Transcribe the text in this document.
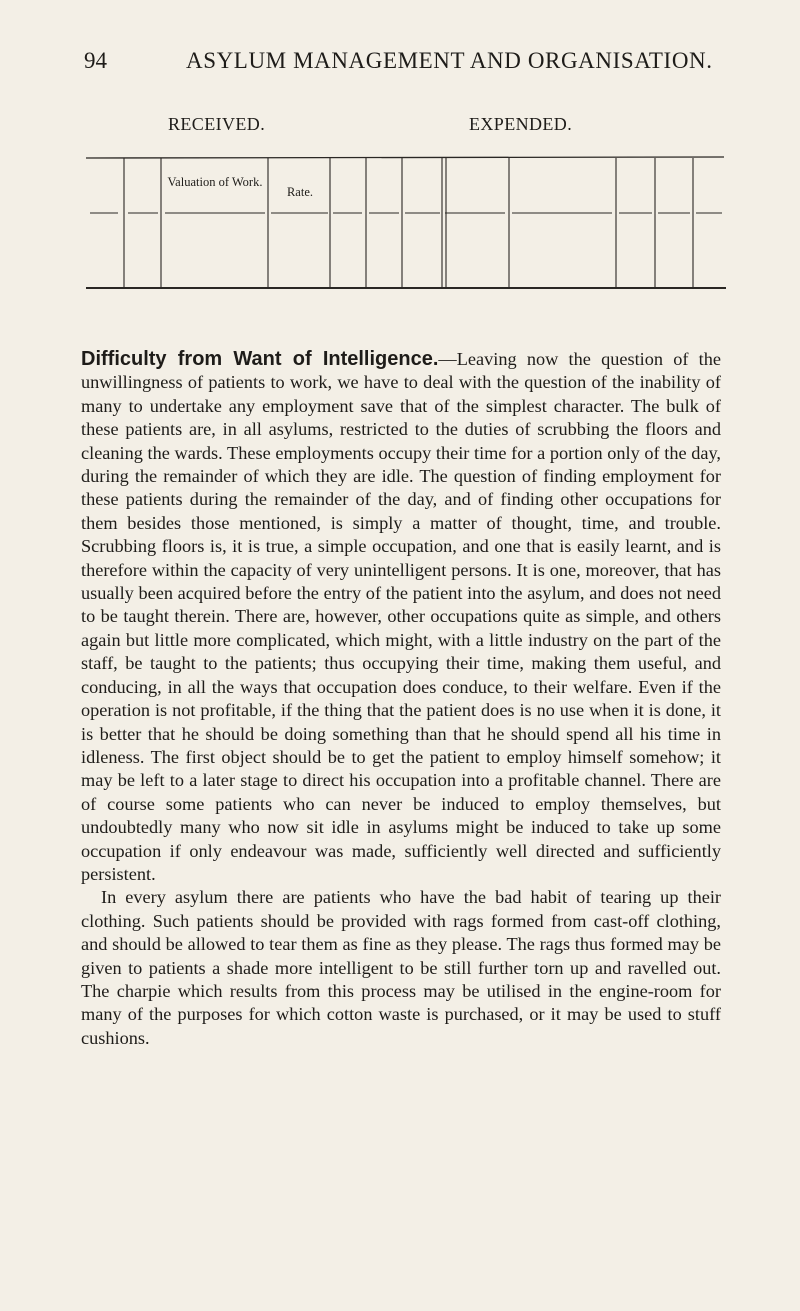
94	ASYLUM MANAGEMENT AND ORGANISATION.
RECEIVED.	EXPENDED.
Valuation of Work.
Rate.

Difficulty from Want of Intelligence.—Leaving now the question of the unwillingness of patients to work, we have to deal with the question of the inability of many to undertake any employment save that of the simplest character. The bulk of these patients are, in all asylums, restricted to the duties of scrubbing the floors and cleaning the wards. These employments occupy their time for a portion only of the day, during the remainder of which they are idle. The question of finding employment for these patients during the remainder of the day, and of finding other occupations for them besides those mentioned, is simply a matter of thought, time, and trouble. Scrubbing floors is, it is true, a simple occupation, and one that is easily learnt, and is therefore within the capacity of very unintelligent persons. It is one, moreover, that has usually been acquired before the entry of the patient into the asylum, and does not need to be taught therein. There are, however, other occupations quite as simple, and others again but little more complicated, which might, with a little industry on the part of the staff, be taught to the patients; thus occupying their time, making them useful, and conducing, in all the ways that occupation does conduce, to their welfare. Even if the operation is not profitable, if the thing that the patient does is no use when it is done, it is better that he should be doing something than that he should spend all his time in idleness. The first object should be to get the patient to employ himself somehow; it may be left to a later stage to direct his occupation into a profitable channel. There are of course some patients who can never be induced to employ themselves, but undoubtedly many who now sit idle in asylums might be induced to take up some occupation if only endeavour was made, sufficiently well directed and sufficiently persistent.

In every asylum there are patients who have the bad habit of tearing up their clothing. Such patients should be provided with rags formed from cast-off clothing, and should be allowed to tear them as fine as they please. The rags thus formed may be given to patients a shade more intelligent to be still further torn up and ravelled out. The charpie which results from this process may be utilised in the engine-room for many of the purposes for which cotton waste is purchased, or it may be used to stuff cushions.
